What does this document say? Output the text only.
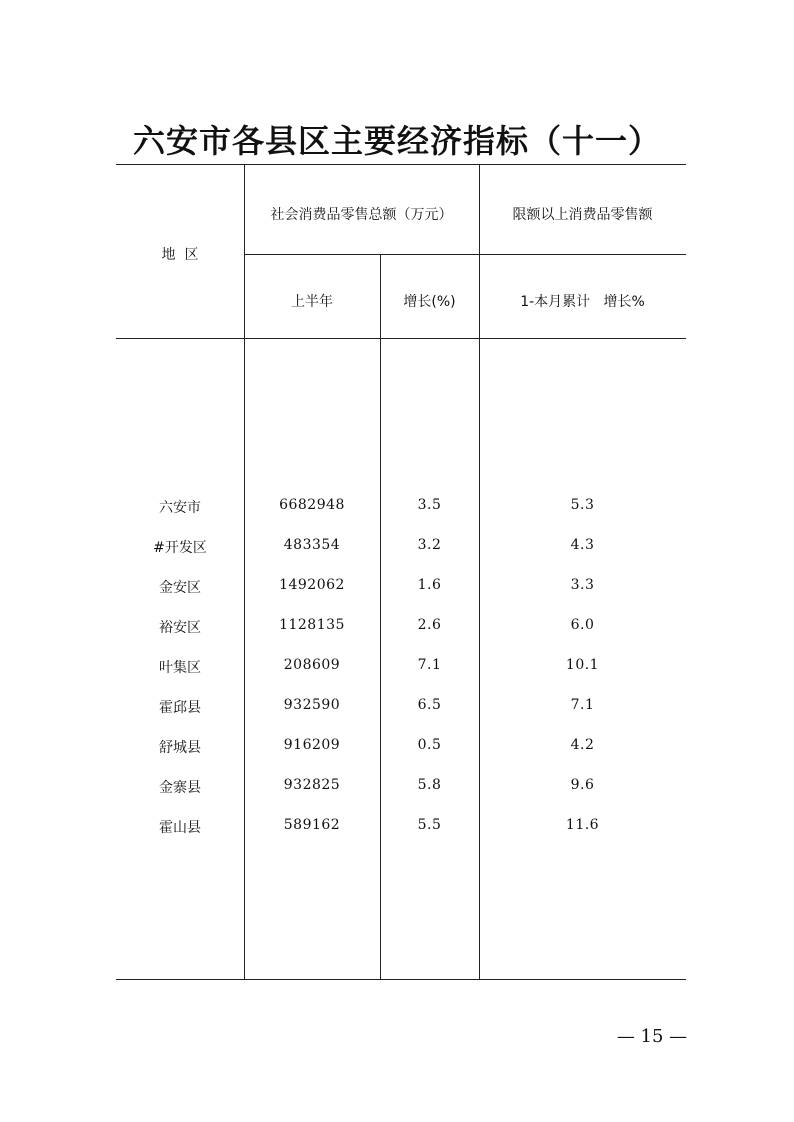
六安市各县区主要经济指标（十一）
地  区
社会消费品零售总额（万元）	限额以上消费品零售额
上半年	增长(%)	1-本月累计   增长%
六安市	6682948	3.5	5.3
#开发区	483354	3.2	4.3
金安区	1492062	1.6	3.3
裕安区	1128135	2.6	6.0
叶集区	208609	7.1	10.1
霍邱县	932590	6.5	7.1
舒城县	916209	0.5	4.2
金寨县	932825	5.8	9.6
霍山县	589162	5.5	11.6
— 15 —
